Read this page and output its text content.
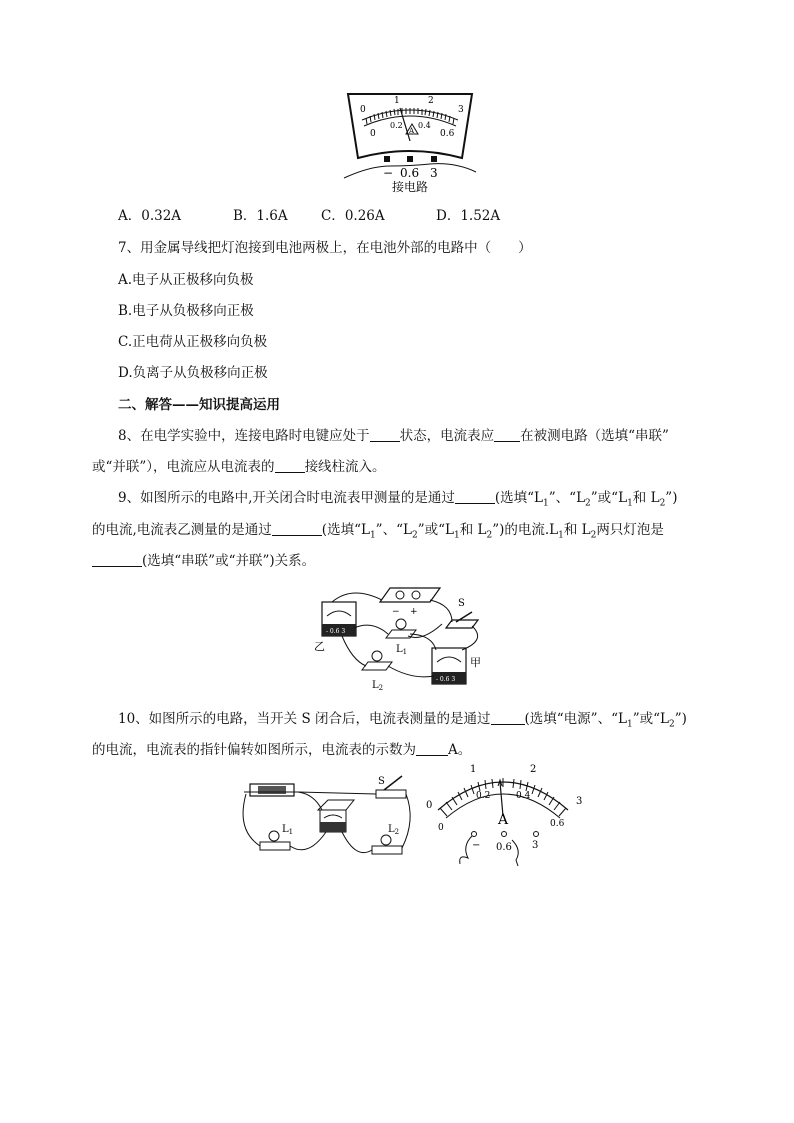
0
1	2
3
0
0.2 0.4
0.6
A
− 0.6 3
接电路
A．0.32A	B．1.6A C．0.26A	D．1.52A
7、用金属导线把灯泡接到电池两极上，在电池外部的电路中（　　）
A.电子从正极移向负极
B.电子从负极移向正极
C.正电荷从正极移向负极
D.负离子从负极移向正极
二、解答——知识提高运用
8、在电学实验中，连接电路时电键应处于 状态，电流表应 在被测电路（选填“串联”
或“并联”），电流应从电流表的 接线柱流入。
9、如图所示的电路中,开关闭合时电流表甲测量的是通过	(选填“$L_1$”、“$L_2$”或“$L_1$和 $L_2$”)
的电流,电流表乙测量的是通过	(选填“$L_1$”、“$L_2$”或“$L_1$和 $L_2$”)的电流$.L_1$和 $L_2$两只灯泡是
(选填“串联”或“并联”)关系。
− +
S
- 0.6 3
乙	$L_1$
$L_2$
- 0.6 3
甲
10、如图所示的电路，当开关 S 闭合后，电流表测量的是通过	(选填“电源”、“$L_1$”或“$L_2$”)
的电流，电流表的指针偏转如图所示，电流表的示数为 A。
S
$L_1$	$L_2$
0
1	2
3
0
0.2	0.4
0.6
A
− 0.6 3
